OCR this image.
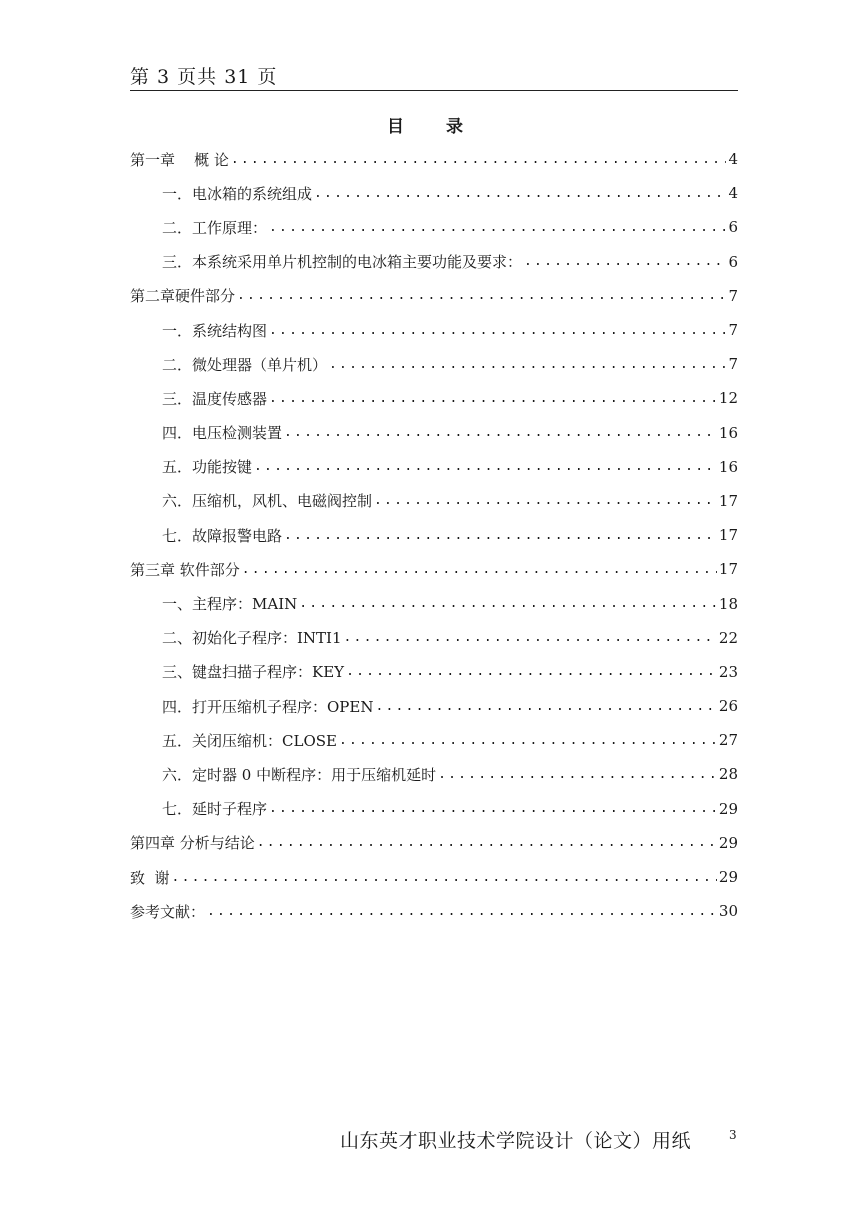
第 3 页共 31 页
目 录
第一章    概 论 .....	4
一．电冰箱的系统组成 .....	4
二．工作原理： .....	6
三．本系统采用单片机控制的电冰箱主要功能及要求： .....	6
第二章硬件部分 .....	7
一．系统结构图 .....	7
二．微处理器（单片机） .....	7
三．温度传感器 .....	12
四．电压检测装置 .....	16
五．功能按键 .....	16
六．压缩机，风机、电磁阀控制 .....	17
七．故障报警电路 .....	17
第三章 软件部分 .....	17
一、主程序：MAIN .....	18
二、初始化子程序：INTI1 .....	22
三、键盘扫描子程序：KEY .....	23
四．打开压缩机子程序：OPEN .....	26
五．关闭压缩机：CLOSE .....	27
六．定时器 0 中断程序：用于压缩机延时 .....	28
七．延时子程序 .....	29
第四章 分析与结论 .....	29
致  谢 .....	29
参考文献： .....	30
山东英才职业技术学院设计（论文）用纸	3
